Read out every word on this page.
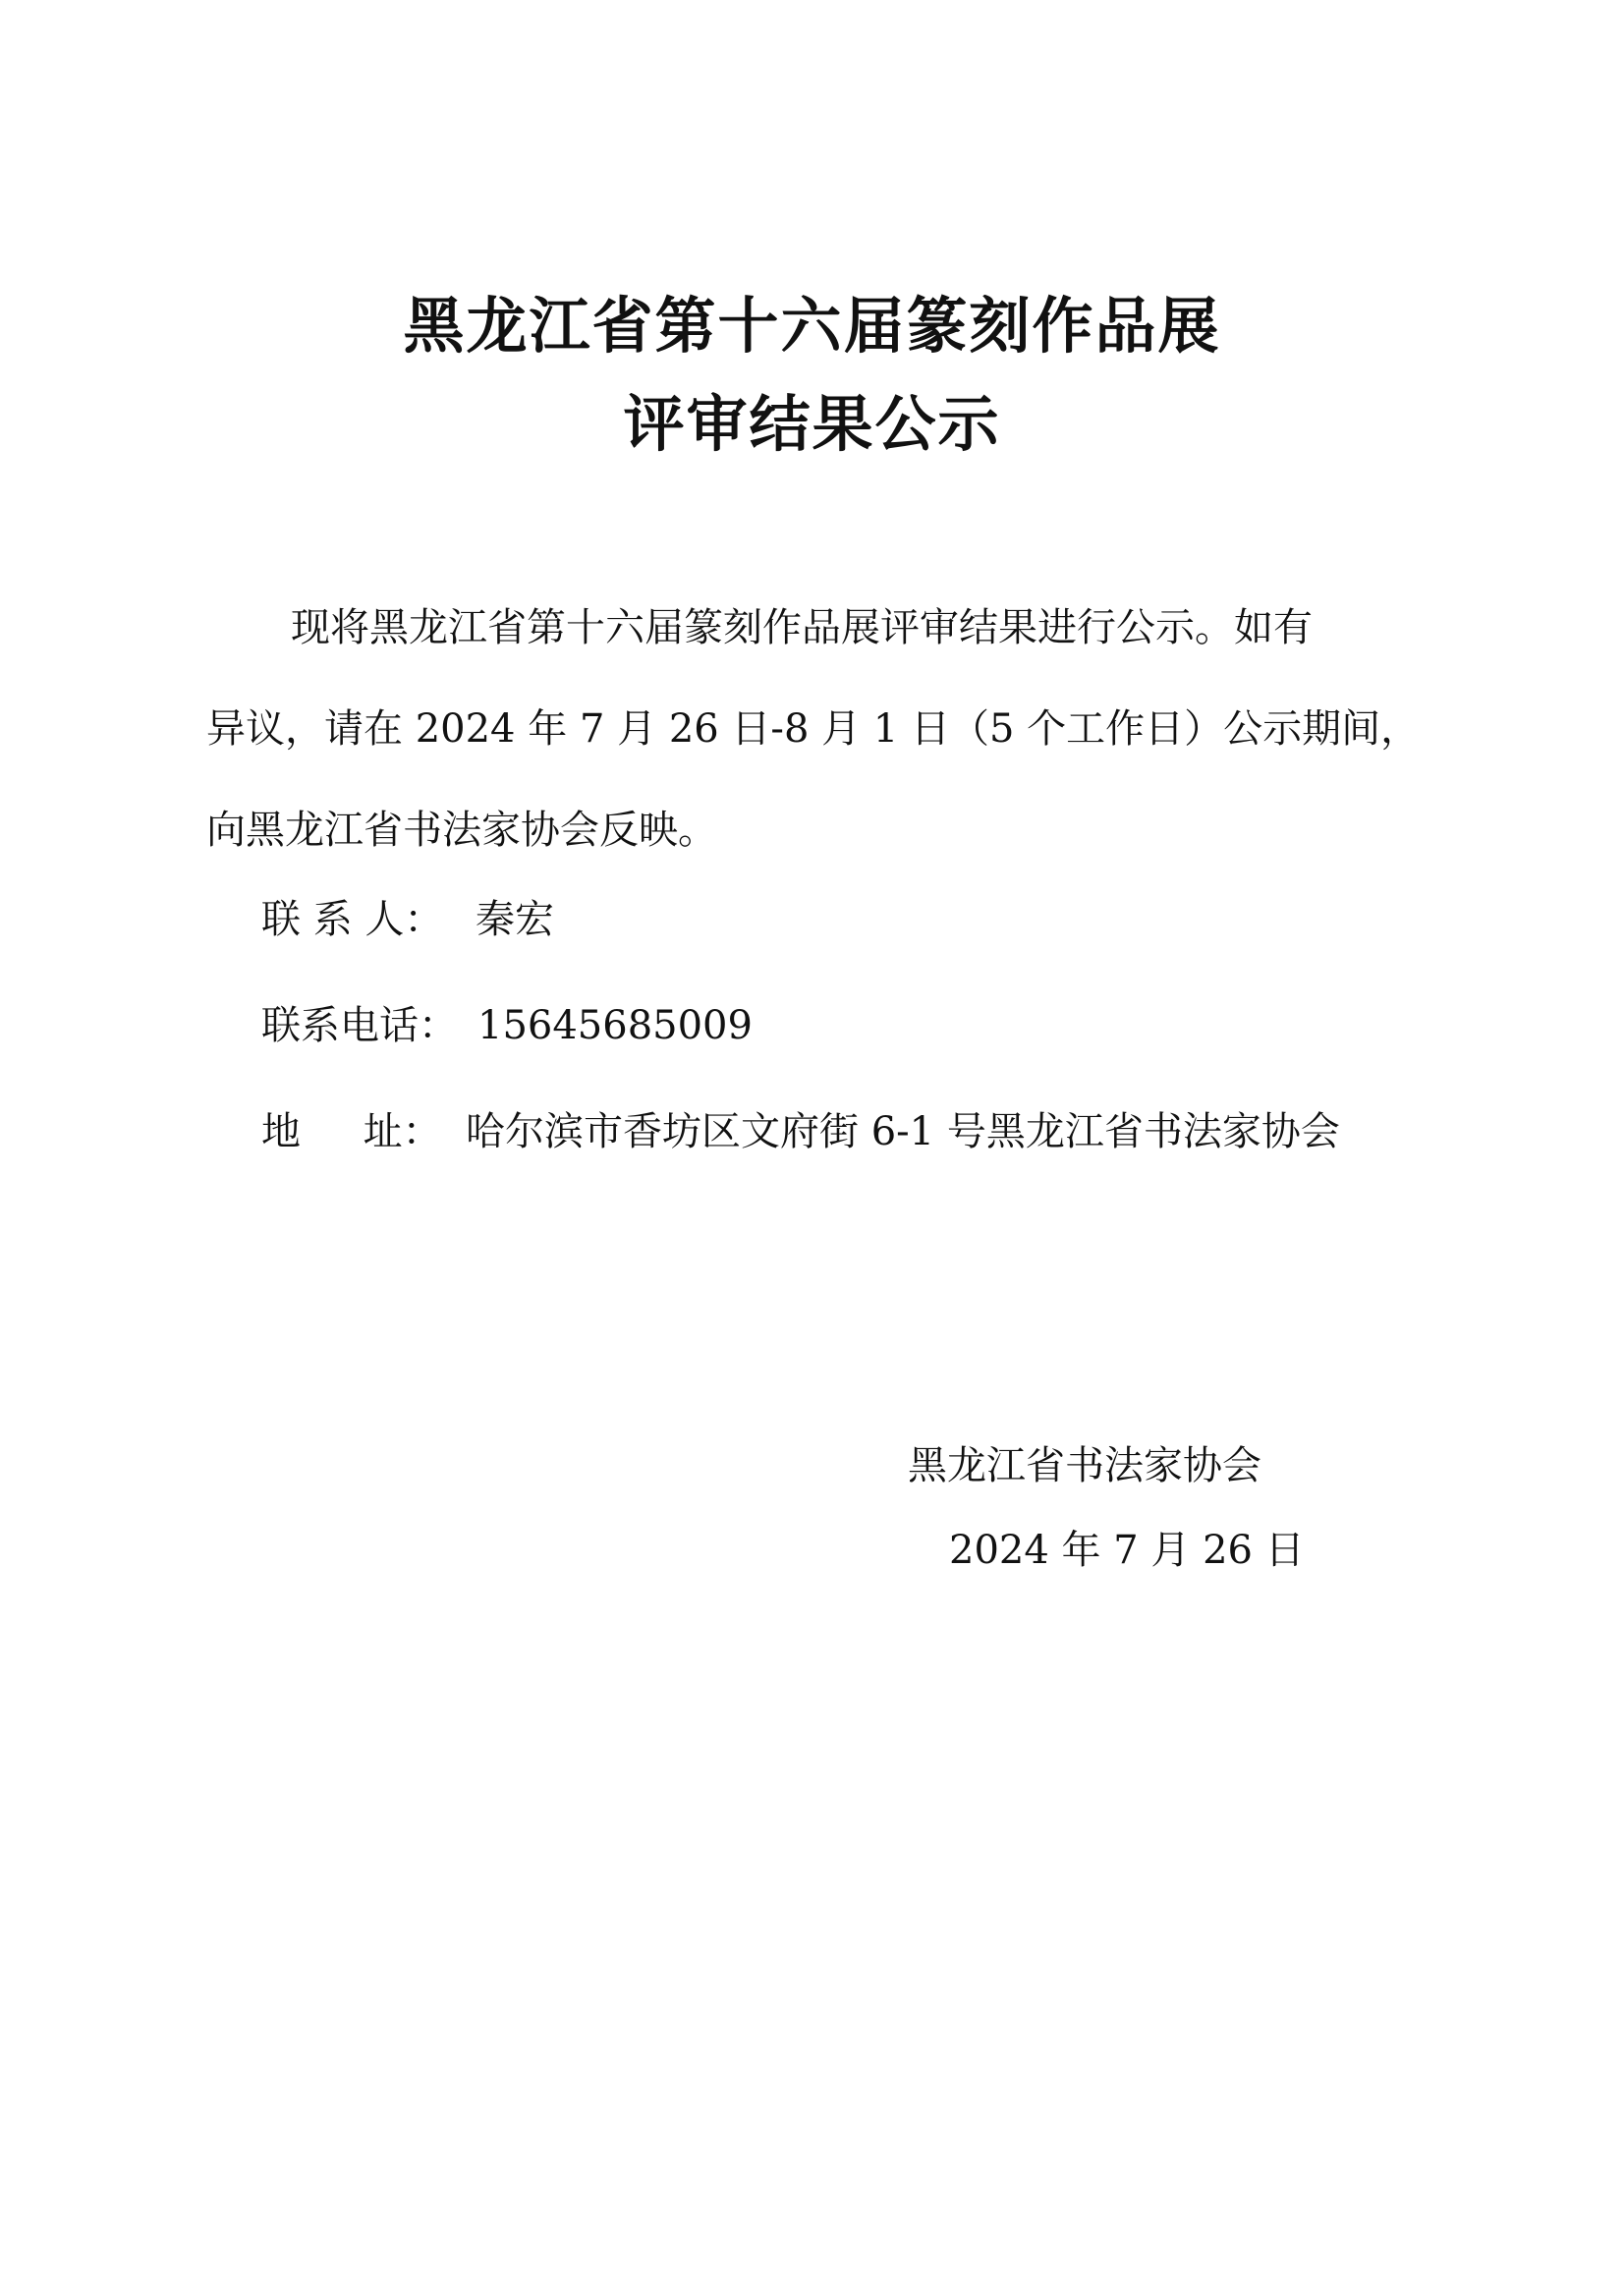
黑龙江省第十六届篆刻作品展
评审结果公示
现将黑龙江省第十六届篆刻作品展评审结果进行公示。如有
异议，请在 2024 年 7 月 26 日-8 月 1 日（5 个工作日）公示期间，
向黑龙江省书法家协会反映。
联 系 人： 秦宏
联系电话： 15645685009
地     址： 哈尔滨市香坊区文府街 6-1 号黑龙江省书法家协会
黑龙江省书法家协会
2024 年 7 月 26 日
